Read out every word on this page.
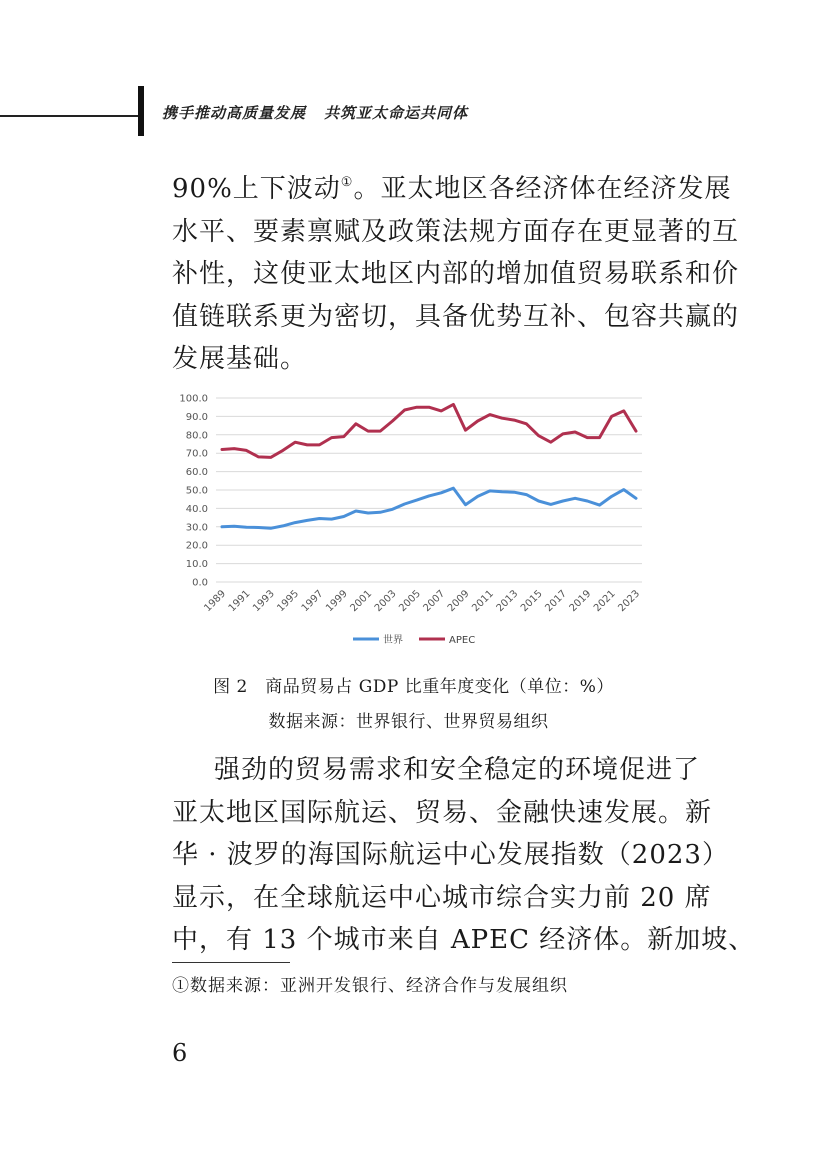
携手推动高质量发展 共筑亚太命运共同体

90%上下波动①。亚太地区各经济体在经济发展

水平、要素禀赋及政策法规方面存在更显著的互

补性，这使亚太地区内部的增加值贸易联系和价

值链联系更为密切，具备优势互补、包容共赢的

发展基础。

0.0
10.0
20.0
30.0
40.0
50.0
60.0
70.0
80.0
90.0
100.0
1989
1991
1993
1995
1997
1999
2001
2003
2005
2007
2009
2011
2013
2015
2017
2019
2021
2023
世界	APEC
图 2　商品贸易占 GDP 比重年度变化（单位：%）
数据来源：世界银行、世界贸易组织

强劲的贸易需求和安全稳定的环境促进了

亚太地区国际航运、贸易、金融快速发展。新

华 · 波罗的海国际航运中心发展指数（2023）

显示，在全球航运中心城市综合实力前 20 席

中，有 13 个城市来自 APEC 经济体。新加坡、

①数据来源：亚洲开发银行、经济合作与发展组织
6
